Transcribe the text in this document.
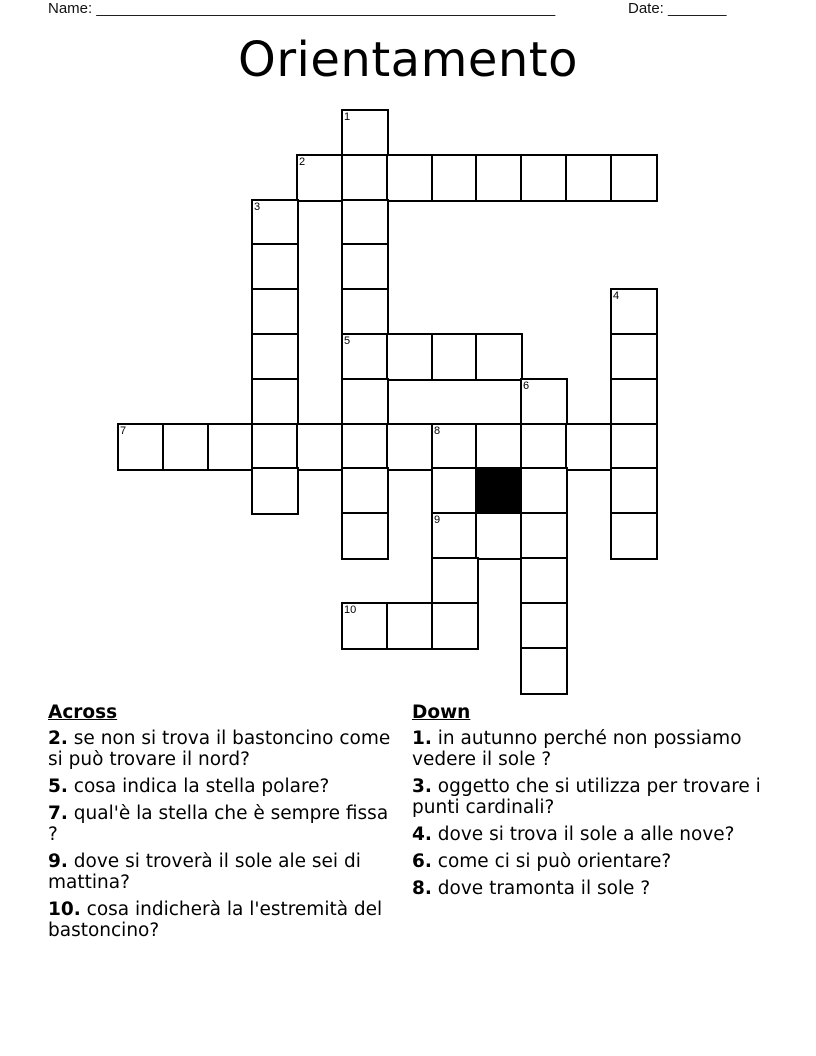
Name: _______________________________________________________	Date: _______
Orientamento
1
2
3
4
5
6
7	8
9
10
Across
2. se non si trova il bastoncino come si può trovare il nord?
5. cosa indica la stella polare?
7. qual'è la stella che è sempre fissa ?
9. dove si troverà il sole ale sei di mattina?
10. cosa indicherà la l'estremità del bastoncino?
Down
1. in autunno perché non possiamo vedere il sole ?
3. oggetto che si utilizza per trovare i punti cardinali?
4. dove si trova il sole a alle nove?
6. come ci si può orientare?
8. dove tramonta il sole ?
